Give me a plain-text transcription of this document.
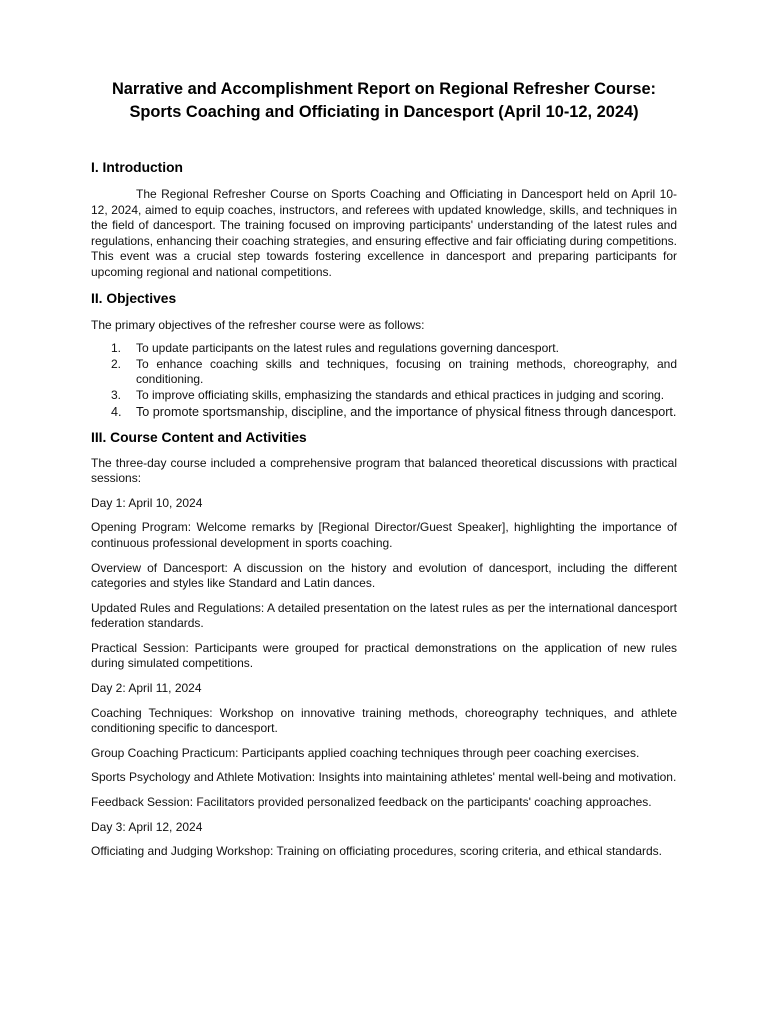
Narrative and Accomplishment Report on Regional Refresher Course:
Sports Coaching and Officiating in Dancesport (April 10-12, 2024)
I. Introduction

The Regional Refresher Course on Sports Coaching and Officiating in Dancesport held on April 10-12, 2024, aimed to equip coaches, instructors, and referees with updated knowledge, skills, and techniques in the field of dancesport. The training focused on improving participants' understanding of the latest rules and regulations, enhancing their coaching strategies, and ensuring effective and fair officiating during competitions. This event was a crucial step towards fostering excellence in dancesport and preparing participants for upcoming regional and national competitions.

II. Objectives

The primary objectives of the refresher course were as follows:

1. To update participants on the latest rules and regulations governing dancesport.
2. To enhance coaching skills and techniques, focusing on training methods, choreography, and conditioning.
3. To improve officiating skills, emphasizing the standards and ethical practices in judging and scoring.
4. To promote sportsmanship, discipline, and the importance of physical fitness through dancesport.
III. Course Content and Activities

The three-day course included a comprehensive program that balanced theoretical discussions with practical sessions:

Day 1: April 10, 2024

Opening Program: Welcome remarks by [Regional Director/Guest Speaker], highlighting the importance of continuous professional development in sports coaching.

Overview of Dancesport: A discussion on the history and evolution of dancesport, including the different categories and styles like Standard and Latin dances.

Updated Rules and Regulations: A detailed presentation on the latest rules as per the international dancesport federation standards.

Practical Session: Participants were grouped for practical demonstrations on the application of new rules during simulated competitions.

Day 2: April 11, 2024

Coaching Techniques: Workshop on innovative training methods, choreography techniques, and athlete conditioning specific to dancesport.

Group Coaching Practicum: Participants applied coaching techniques through peer coaching exercises.

Sports Psychology and Athlete Motivation: Insights into maintaining athletes' mental well-being and motivation.

Feedback Session: Facilitators provided personalized feedback on the participants' coaching approaches.

Day 3: April 12, 2024

Officiating and Judging Workshop: Training on officiating procedures, scoring criteria, and ethical standards.
